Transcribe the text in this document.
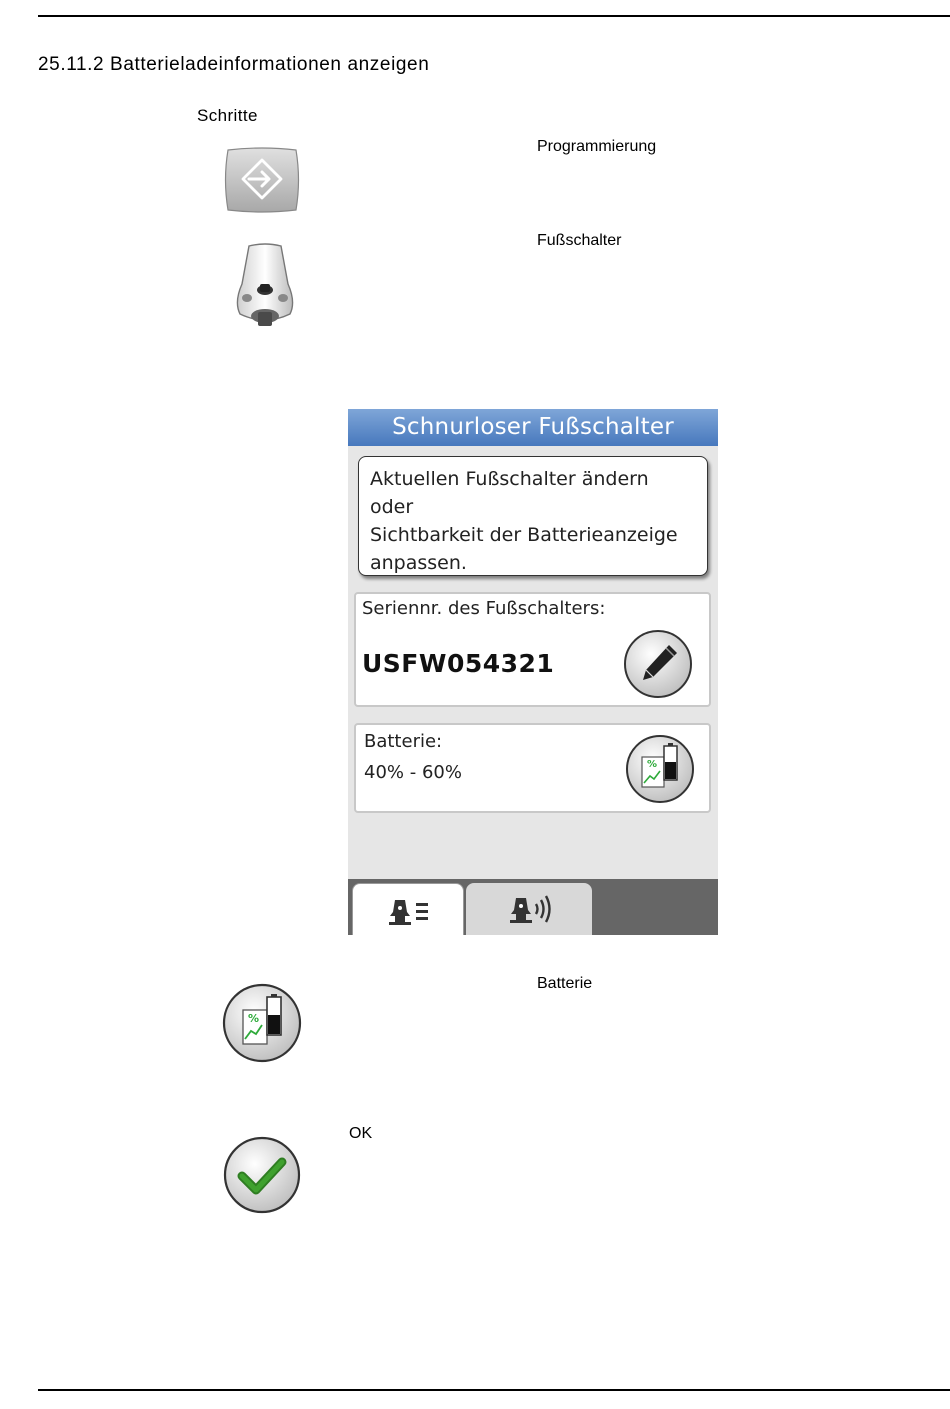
25.11.2 Batterieladeinformationen anzeigen
Schritte
Programmierung
Fußschalter
Schnurloser Fußschalter
Aktuellen Fußschalter ändern oder
Sichtbarkeit der Batterieanzeige
anpassen.
Seriennr. des Fußschalters:
USFW054321
Batterie:
40% - 60%	%
%
Batterie
OK
